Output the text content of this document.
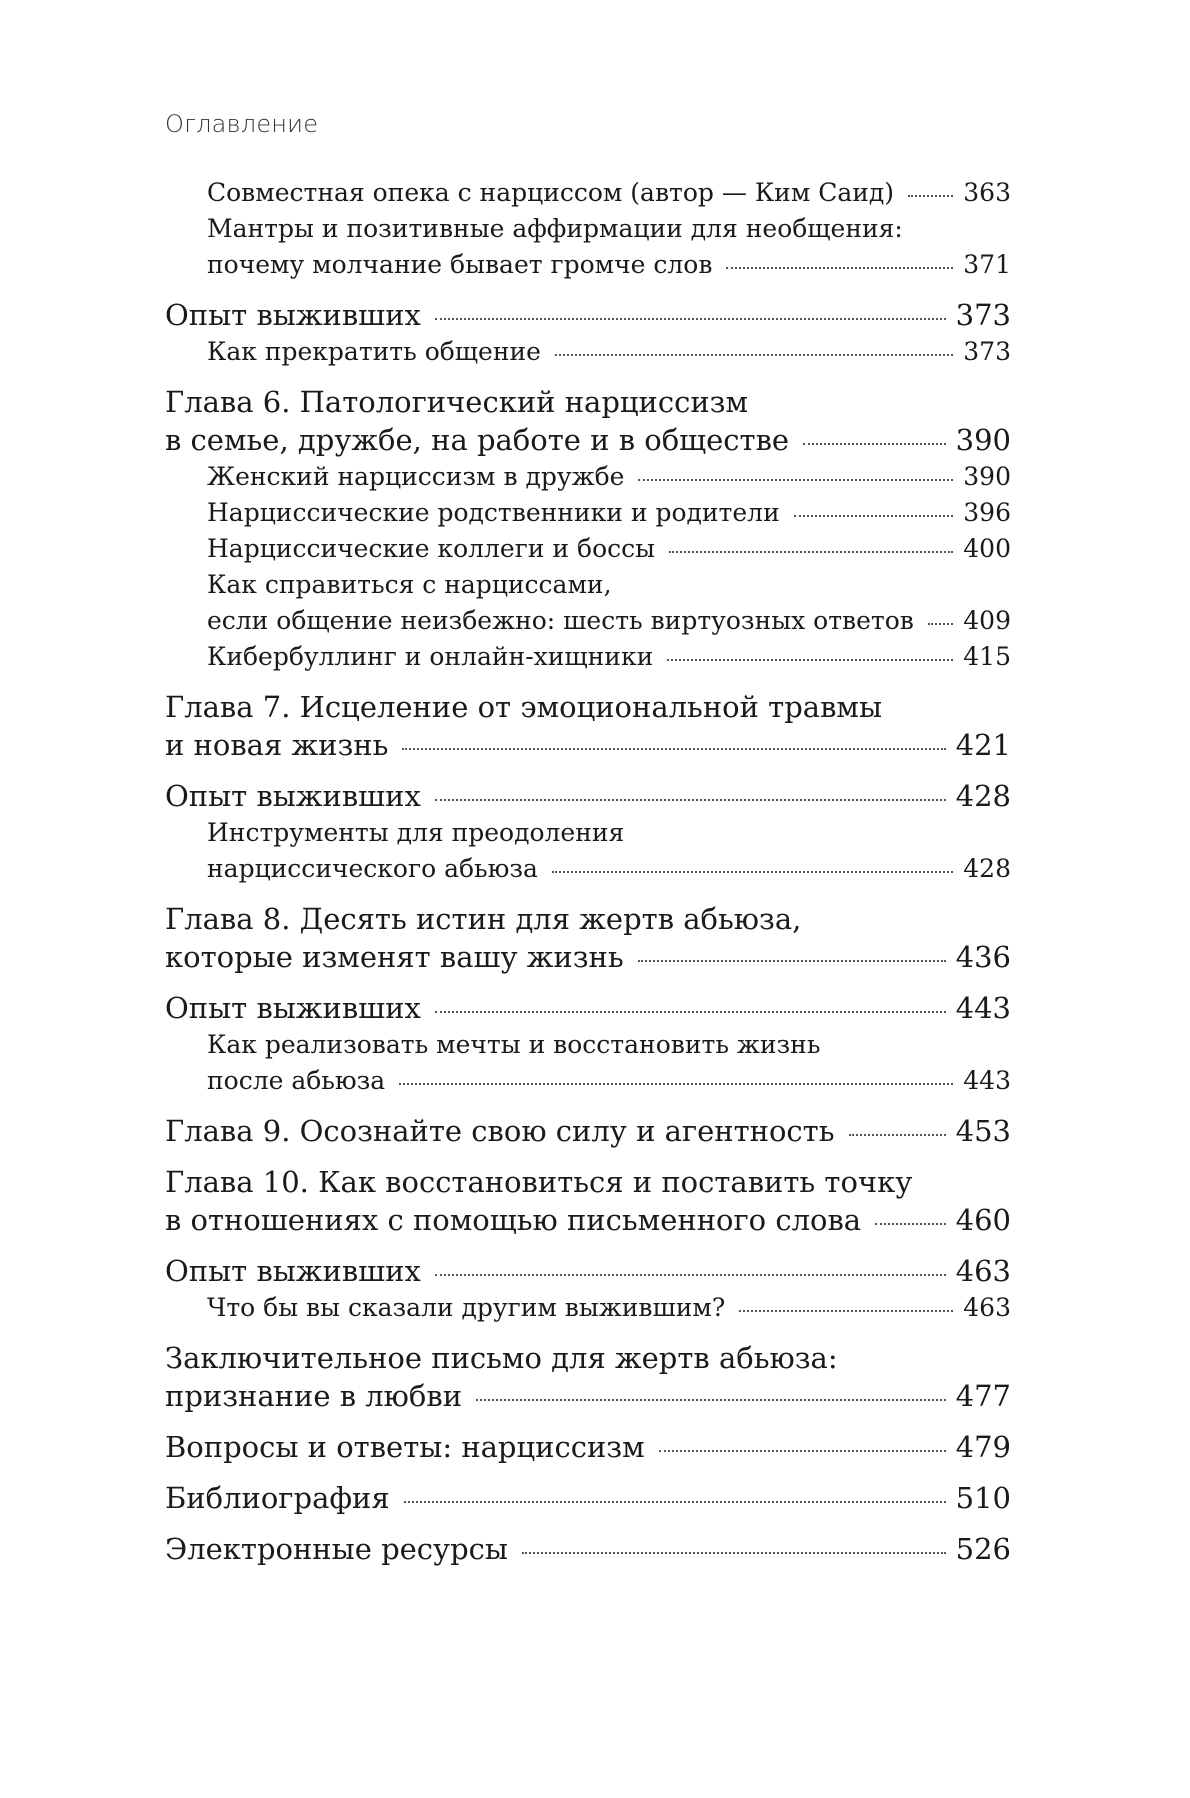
Оглавление
Совместная опека с нарциссом (автор — Ким Саид)	363
Мантры и позитивные аффирмации для необщения:
почему молчание бывает громче слов	371
Опыт выживших	373
Как прекратить общение	373
Глава 6. Патологический нарциссизм
в семье, дружбе, на работе и в обществе	390
Женский нарциссизм в дружбе	390
Нарциссические родственники и родители	396
Нарциссические коллеги и боссы	400
Как справиться с нарциссами,
если общение неизбежно: шесть виртуозных ответов 409
Кибербуллинг и онлайн-хищники	415
Глава 7. Исцеление от эмоциональной травмы
и новая жизнь	421
Опыт выживших	428
Инструменты для преодоления
нарциссического абьюза	428
Глава 8. Десять истин для жертв абьюза,
которые изменят вашу жизнь	436
Опыт выживших	443
Как реализовать мечты и восстановить жизнь
после абьюза	443
Глава 9. Осознайте свою силу и агентность	453
Глава 10. Как восстановиться и поставить точку
в отношениях с помощью письменного слова	460
Опыт выживших	463
Что бы вы сказали другим выжившим?	463
Заключительное письмо для жертв абьюза:
признание в любви	477
Вопросы и ответы: нарциссизм	479
Библиография	510
Электронные ресурсы	526
